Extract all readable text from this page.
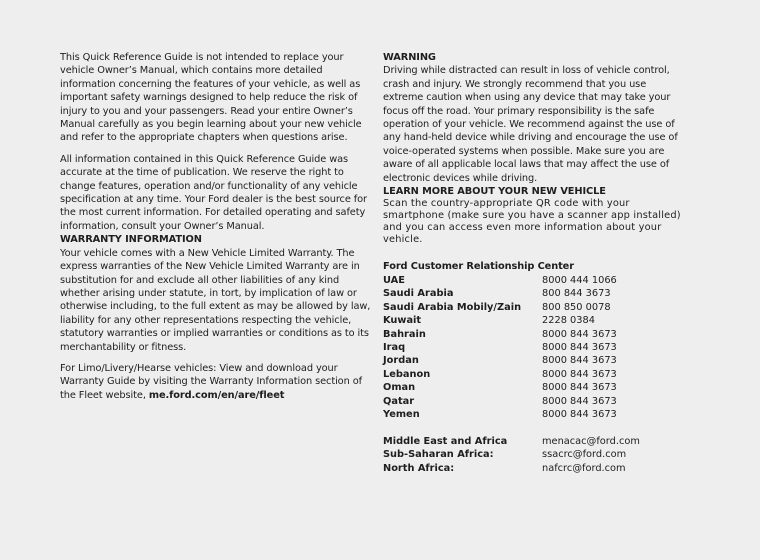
This Quick Reference Guide is not intended to replace your vehicle Owner’s Manual, which contains more detailed information concerning the features of your vehicle, as well as important safety warnings designed to help reduce the risk of injury to you and your passengers. Read your entire Owner’s Manual carefully as you begin learning about your new vehicle and refer to the appropriate chapters when questions arise.

All information contained in this Quick Reference Guide was accurate at the time of publication. We reserve the right to change features, operation and/or functionality of any vehicle specification at any time. Your Ford dealer is the best source for the most current information. For detailed operating and safety information, consult your Owner’s Manual.

WARRANTY INFORMATION

Your vehicle comes with a New Vehicle Limited Warranty. The express warranties of the New Vehicle Limited Warranty are in substitution for and exclude all other liabilities of any kind whether arising under statute, in tort, by implication of law or otherwise including, to the full extent as may be allowed by law, liability for any other representations respecting the vehicle, statutory warranties or implied warranties or conditions as to its merchantability or fitness.

For Limo/Livery/Hearse vehicles: View and download your Warranty Guide by visiting the Warranty Information section of the Fleet website, me.ford.com/en/are/fleet

WARNING

Driving while distracted can result in loss of vehicle control, crash and injury. We strongly recommend that you use extreme caution when using any device that may take your focus off the road. Your primary responsibility is the safe operation of your vehicle. We recommend against the use of any hand-held device while driving and encourage the use of voice-operated systems when possible. Make sure you are aware of all applicable local laws that may affect the use of electronic devices while driving.

LEARN MORE ABOUT YOUR NEW VEHICLE

Scan the country-appropriate QR code with your smartphone (make sure you have a scanner app installed) and you can access even more information about your vehicle.

Ford Customer Relationship Center

UAE	8000 444 1066
Saudi Arabia	800 844 3673
Saudi Arabia Mobily/Zain	800 850 0078
Kuwait	2228 0384
Bahrain	8000 844 3673
Iraq	8000 844 3673
Jordan	8000 844 3673
Lebanon	8000 844 3673
Oman	8000 844 3673
Qatar	8000 844 3673
Yemen	8000 844 3673
Middle East and Africa	menacac@ford.com
Sub-Saharan Africa:	ssacrc@ford.com
North Africa:	nafcrc@ford.com
